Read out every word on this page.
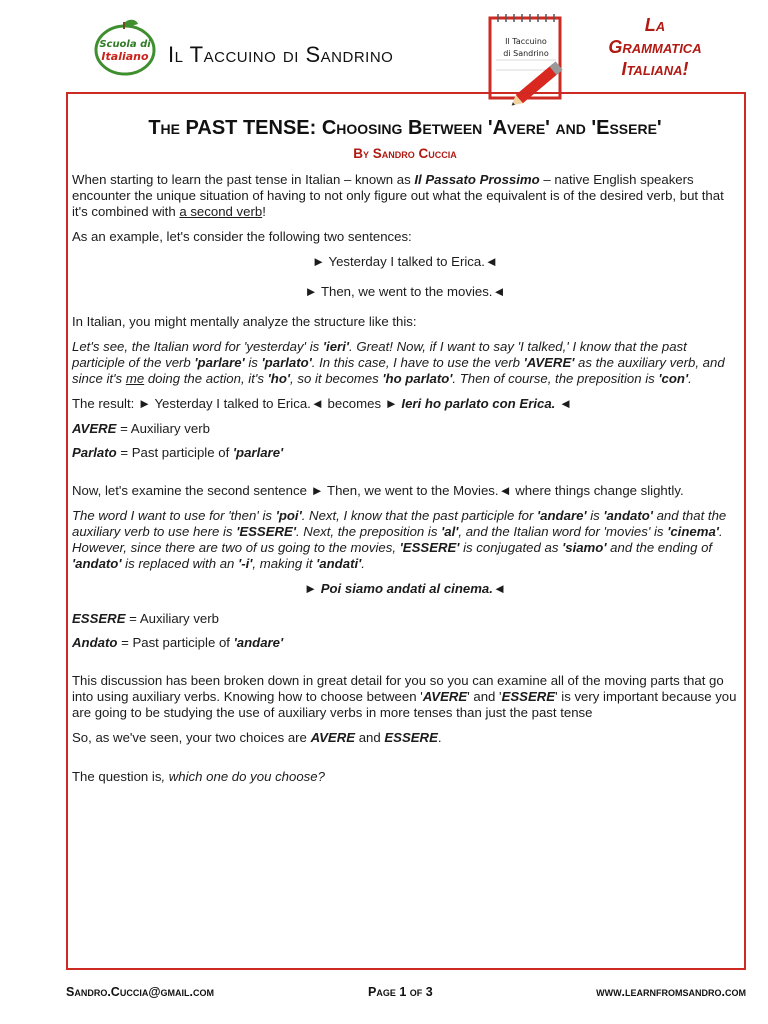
Scuola di
Italiano Il Taccuino di Sandrino
Il Taccuino
di Sandrino
La
Grammatica
Italiana!
The PAST TENSE: Choosing Between 'Avere' and 'Essere'
By Sandro Cuccia
When starting to learn the past tense in Italian – known as Il Passato Prossimo – native English speakers encounter the unique situation of having to not only figure out what the equivalent is of the desired verb, but that it's combined with a second verb!
As an example, let's consider the following two sentences:
► Yesterday I talked to Erica.◄
► Then, we went to the movies.◄
In Italian, you might mentally analyze the structure like this:
Let's see, the Italian word for 'yesterday' is 'ieri'. Great! Now, if I want to say 'I talked,' I know that the past participle of the verb 'parlare' is 'parlato'. In this case, I have to use the verb 'AVERE' as the auxiliary verb, and since it's me doing the action, it's 'ho', so it becomes 'ho parlato'. Then of course, the preposition is 'con'.
The result: ► Yesterday I talked to Erica.◄ becomes ► Ieri ho parlato con Erica. ◄
AVERE = Auxiliary verb
Parlato = Past participle of 'parlare'
Now, let's examine the second sentence ► Then, we went to the Movies.◄ where things change slightly.
The word I want to use for 'then' is 'poi'. Next, I know that the past participle for 'andare' is 'andato' and that the auxiliary verb to use here is 'ESSERE'. Next, the preposition is 'al', and the Italian word for 'movies' is 'cinema'. However, since there are two of us going to the movies, 'ESSERE' is conjugated as 'siamo' and the ending of 'andato' is replaced with an '-i', making it 'andati'.
► Poi siamo andati al cinema.◄
ESSERE = Auxiliary verb
Andato = Past participle of 'andare'
This discussion has been broken down in great detail for you so you can examine all of the moving parts that go into using auxiliary verbs. Knowing how to choose between 'AVERE' and 'ESSERE' is very important because you are going to be studying the use of auxiliary verbs in more tenses than just the past tense
So, as we've seen, your two choices are AVERE and ESSERE.
The question is, which one do you choose?
Sandro.Cuccia@gmail.com	Page 1 of 3	www.learnfromsandro.com
